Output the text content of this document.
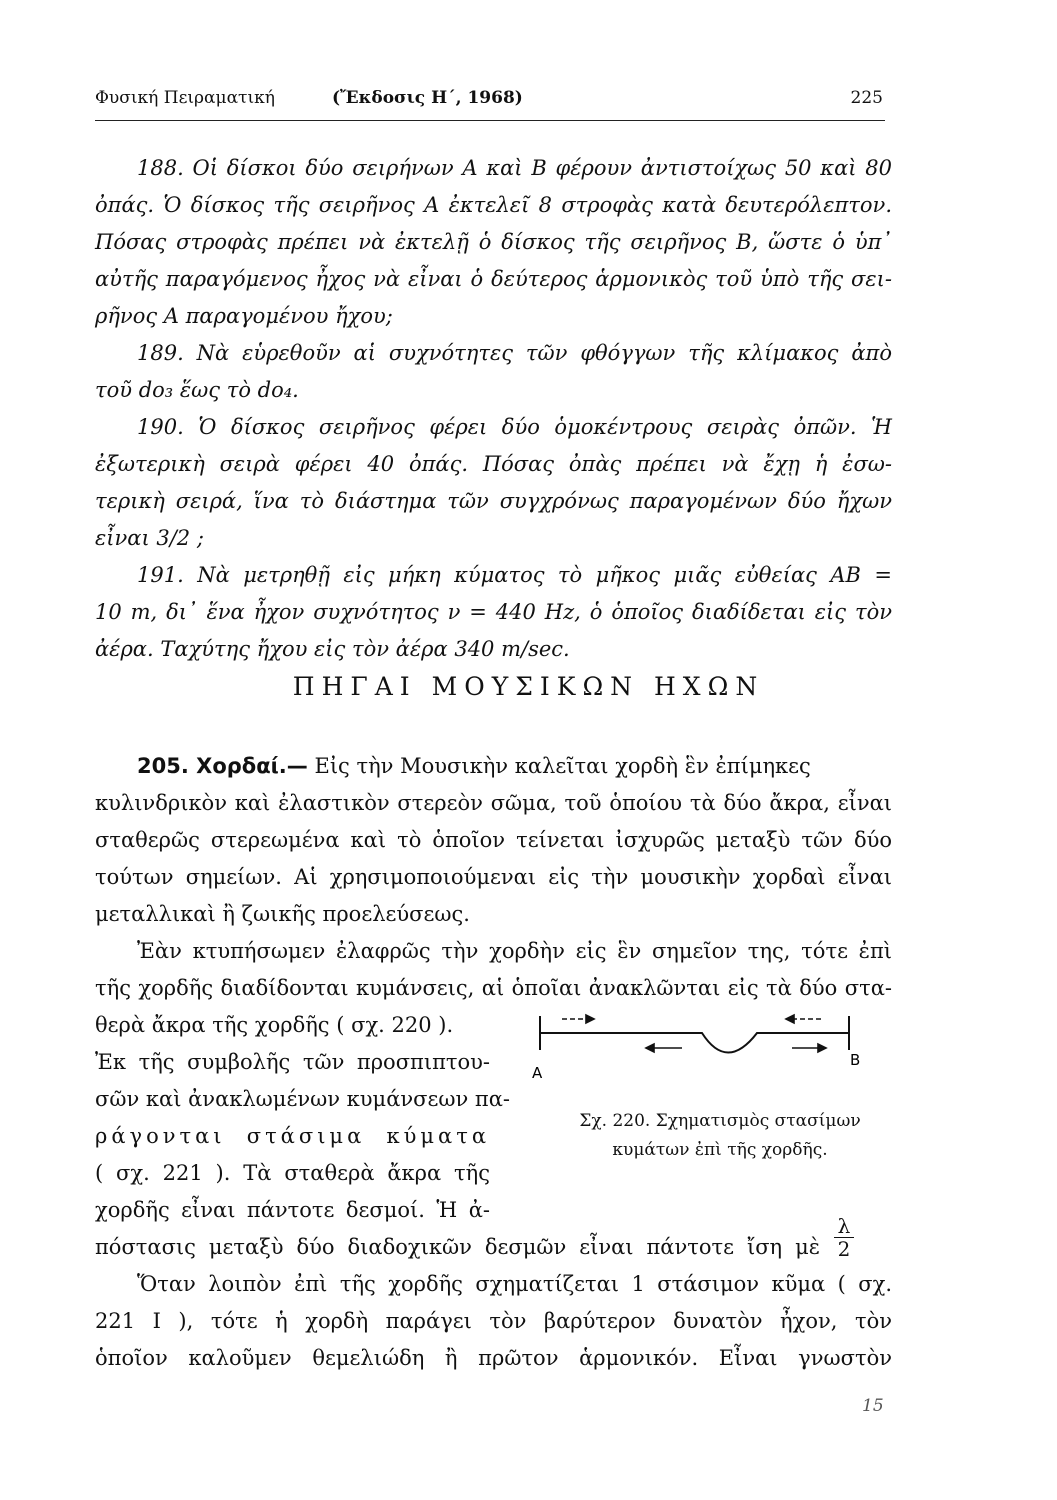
Φυσική Πειραματική	(Ἔκδοσις Η΄, 1968)	225
188. Οἱ δίσκοι δύο σειρήνων Α καὶ Β φέρουν ἀντιστοίχως 50 καὶ 80
ὀπάς. Ὁ δίσκος τῆς σειρῆνος Α ἐκτελεῖ 8 στροφὰς κατὰ δευτερόλεπτον.
Πόσας στροφὰς πρέπει νὰ ἐκτελῇ ὁ δίσκος τῆς σειρῆνος Β, ὥστε ὁ ὑπ᾽
αὐτῆς παραγόμενος ἦχος νὰ εἶναι ὁ δεύτερος ἁρμονικὸς τοῦ ὑπὸ τῆς σει-
ρῆνος Α παραγομένου ἤχου;
189. Νὰ εὑρεθοῦν αἱ συχνότητες τῶν φθόγγων τῆς κλίμακος ἀπὸ
τοῦ do₃ ἕως τὸ do₄.
190. Ὁ δίσκος σειρῆνος φέρει δύο ὁμοκέντρους σειρὰς ὀπῶν. Ἡ
ἐξωτερικὴ σειρὰ φέρει 40 ὀπάς. Πόσας ὀπὰς πρέπει νὰ ἔχῃ ἡ ἐσω-
τερικὴ σειρά, ἵνα τὸ διάστημα τῶν συγχρόνως παραγομένων δύο ἤχων
εἶναι 3/2 ;
191. Νὰ μετρηθῇ εἰς μήκη κύματος τὸ μῆκος μιᾶς εὐθείας ΑΒ =
10 m, δι᾽ ἕνα ἦχον συχνότητος ν = 440 Hz, ὁ ὁποῖος διαδίδεται εἰς τὸν
ἀέρα. Ταχύτης ἤχου εἰς τὸν ἀέρα 340 m/sec.
ΠΗΓΑΙ ΜΟΥΣΙΚΩΝ ΗΧΩΝ
205. Χορδαί.— Εἰς τὴν Μουσικὴν καλεῖται χορδὴ ἓν ἐπίμηκες
κυλινδρικὸν καὶ ἐλαστικὸν στερεὸν σῶμα, τοῦ ὁποίου τὰ δύο ἄκρα, εἶναι
σταθερῶς στερεωμένα καὶ τὸ ὁποῖον τείνεται ἰσχυρῶς μεταξὺ τῶν δύο
τούτων σημείων. Αἱ χρησιμοποιούμεναι εἰς τὴν μουσικὴν χορδαὶ εἶναι
μεταλλικαὶ ἢ ζωικῆς προελεύσεως.
Ἐὰν κτυπήσωμεν ἐλαφρῶς τὴν χορδὴν εἰς ἓν σημεῖον της, τότε ἐπὶ
τῆς χορδῆς διαδίδονται κυμάνσεις, αἱ ὁποῖαι ἀνακλῶνται εἰς τὰ δύο στα-
θερὰ ἄκρα τῆς χορδῆς ( σχ. 220 ).
Ἐκ τῆς συμβολῆς τῶν προσπιπτου-
σῶν καὶ ἀνακλωμένων κυμάνσεων πα-
ράγονται στάσιμα κύματα
( σχ. 221 ). Τὰ σταθερὰ ἄκρα τῆς
χορδῆς εἶναι πάντοτε δεσμοί. Ἡ ἀ-
πόστασις μεταξὺ δύο διαδοχικῶν δεσμῶν εἶναι πάντοτε ἴση μὲ
λ
2
Ὅταν λοιπὸν ἐπὶ τῆς χορδῆς σχηματίζεται 1 στάσιμον κῦμα ( σχ.
221 I ), τότε ἡ χορδὴ παράγει τὸν βαρύτερον δυνατὸν ἦχον, τὸν
ὁποῖον καλοῦμεν θεμελιώδη ἢ πρῶτον ἁρμονικόν. Εἶναι γνωστὸν
Α
Β
Σχ. 220. Σχηματισμὸς στασίμων
κυμάτων ἐπὶ τῆς χορδῆς.
15
